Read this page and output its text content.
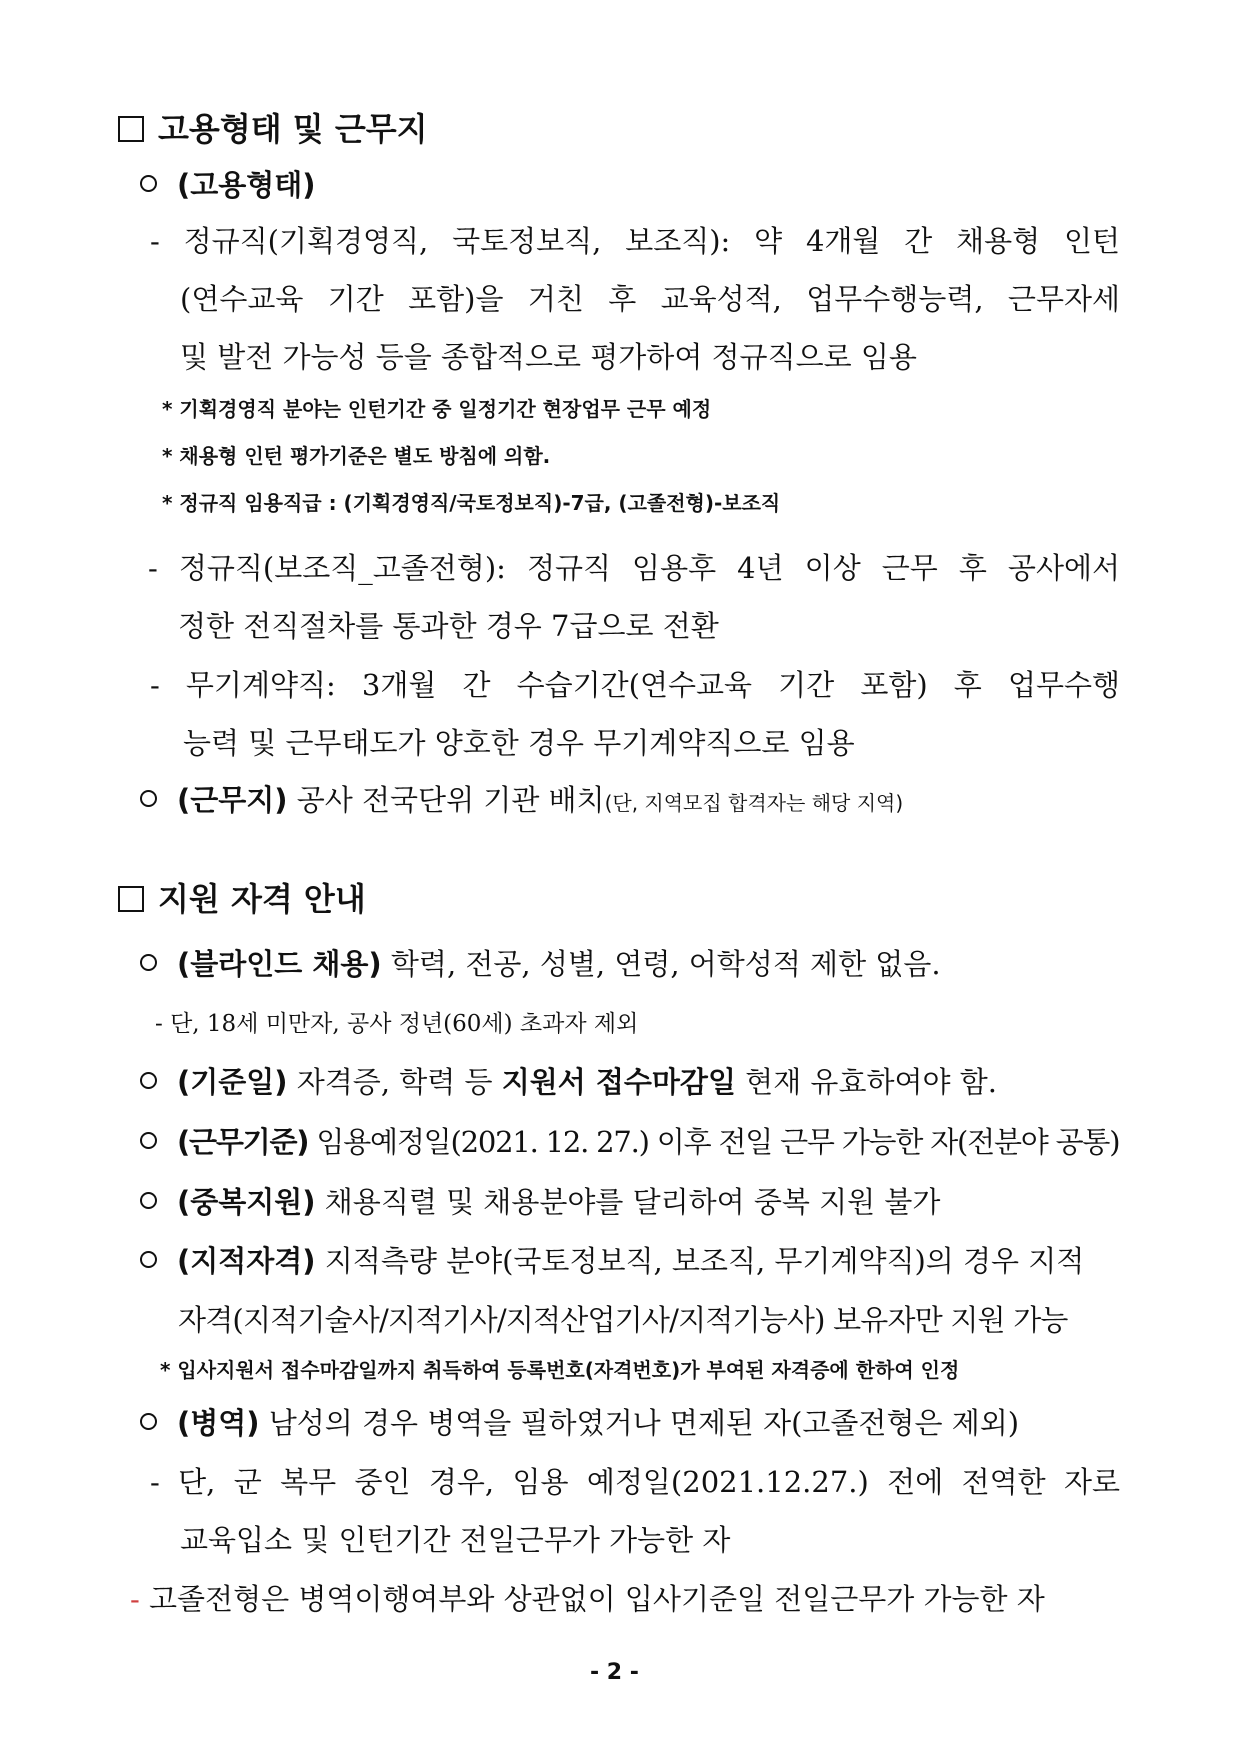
고용형태 및 근무지
(고용형태)
- 정규직(기획경영직, 국토정보직, 보조직): 약 4개월 간 채용형 인턴
(연수교육 기간 포함)을 거친 후 교육성적, 업무수행능력, 근무자세
및 발전 가능성 등을 종합적으로 평가하여 정규직으로 임용
* 기획경영직 분야는 인턴기간 중 일정기간 현장업무 근무 예정
* 채용형 인턴 평가기준은 별도 방침에 의함.
* 정규직 임용직급 : (기획경영직/국토정보직)-7급, (고졸전형)-보조직
- 정규직(보조직_고졸전형): 정규직 임용후 4년 이상 근무 후 공사에서
정한 전직절차를 통과한 경우 7급으로 전환
- 무기계약직: 3개월 간 수습기간(연수교육 기간 포함) 후 업무수행
능력 및 근무태도가 양호한 경우 무기계약직으로 임용
(근무지) 공사 전국단위 기관 배치(단, 지역모집 합격자는 해당 지역)
지원 자격 안내
(블라인드 채용) 학력, 전공, 성별, 연령, 어학성적 제한 없음.
- 단, 18세 미만자, 공사 정년(60세) 초과자 제외
(기준일) 자격증, 학력 등 지원서 접수마감일 현재 유효하여야 함.
(근무기준) 임용예정일(2021. 12. 27.) 이후 전일 근무 가능한 자(전분야 공통)
(중복지원) 채용직렬 및 채용분야를 달리하여 중복 지원 불가
(지적자격) 지적측량 분야(국토정보직, 보조직, 무기계약직)의 경우 지적
자격(지적기술사/지적기사/지적산업기사/지적기능사) 보유자만 지원 가능
* 입사지원서 접수마감일까지 취득하여 등록번호(자격번호)가 부여된 자격증에 한하여 인정
(병역) 남성의 경우 병역을 필하였거나 면제된 자(고졸전형은 제외)
- 단, 군 복무 중인 경우, 임용 예정일(2021.12.27.) 전에 전역한 자로
교육입소 및 인턴기간 전일근무가 가능한 자
- 고졸전형은 병역이행여부와 상관없이 입사기준일 전일근무가 가능한 자
- 2 -
